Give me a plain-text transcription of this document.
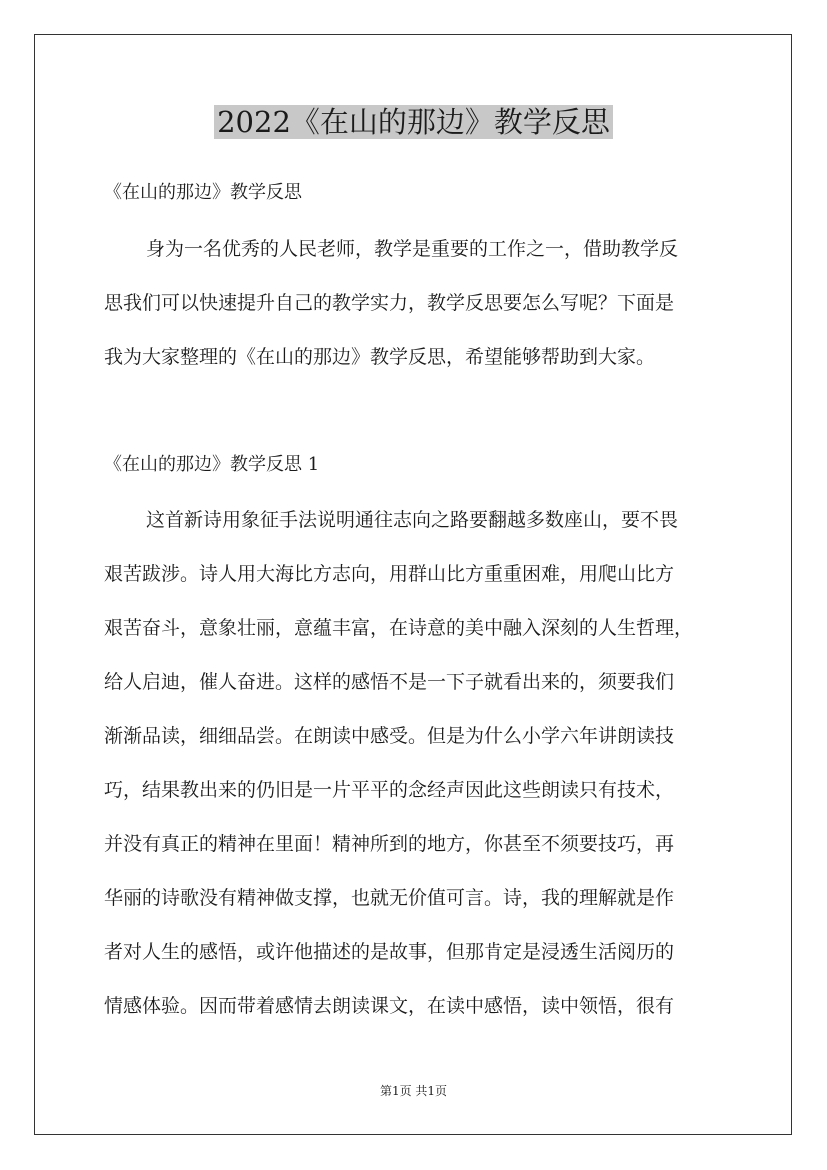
2022《在山的那边》教学反思
《在山的那边》教学反思
身为一名优秀的人民老师，教学是重要的工作之一，借助教学反
思我们可以快速提升自己的教学实力，教学反思要怎么写呢？下面是
我为大家整理的《在山的那边》教学反思，希望能够帮助到大家。
《在山的那边》教学反思 1
这首新诗用象征手法说明通往志向之路要翻越多数座山，要不畏
艰苦跋涉。诗人用大海比方志向，用群山比方重重困难，用爬山比方
艰苦奋斗，意象壮丽，意蕴丰富，在诗意的美中融入深刻的人生哲理，
给人启迪，催人奋进。这样的感悟不是一下子就看出来的，须要我们
渐渐品读，细细品尝。在朗读中感受。但是为什么小学六年讲朗读技
巧，结果教出来的仍旧是一片平平的念经声因此这些朗读只有技术，
并没有真正的精神在里面！精神所到的地方，你甚至不须要技巧，再
华丽的诗歌没有精神做支撑，也就无价值可言。诗，我的理解就是作
者对人生的感悟，或许他描述的是故事，但那肯定是浸透生活阅历的
情感体验。因而带着感情去朗读课文，在读中感悟，读中领悟，很有
第1页 共1页
